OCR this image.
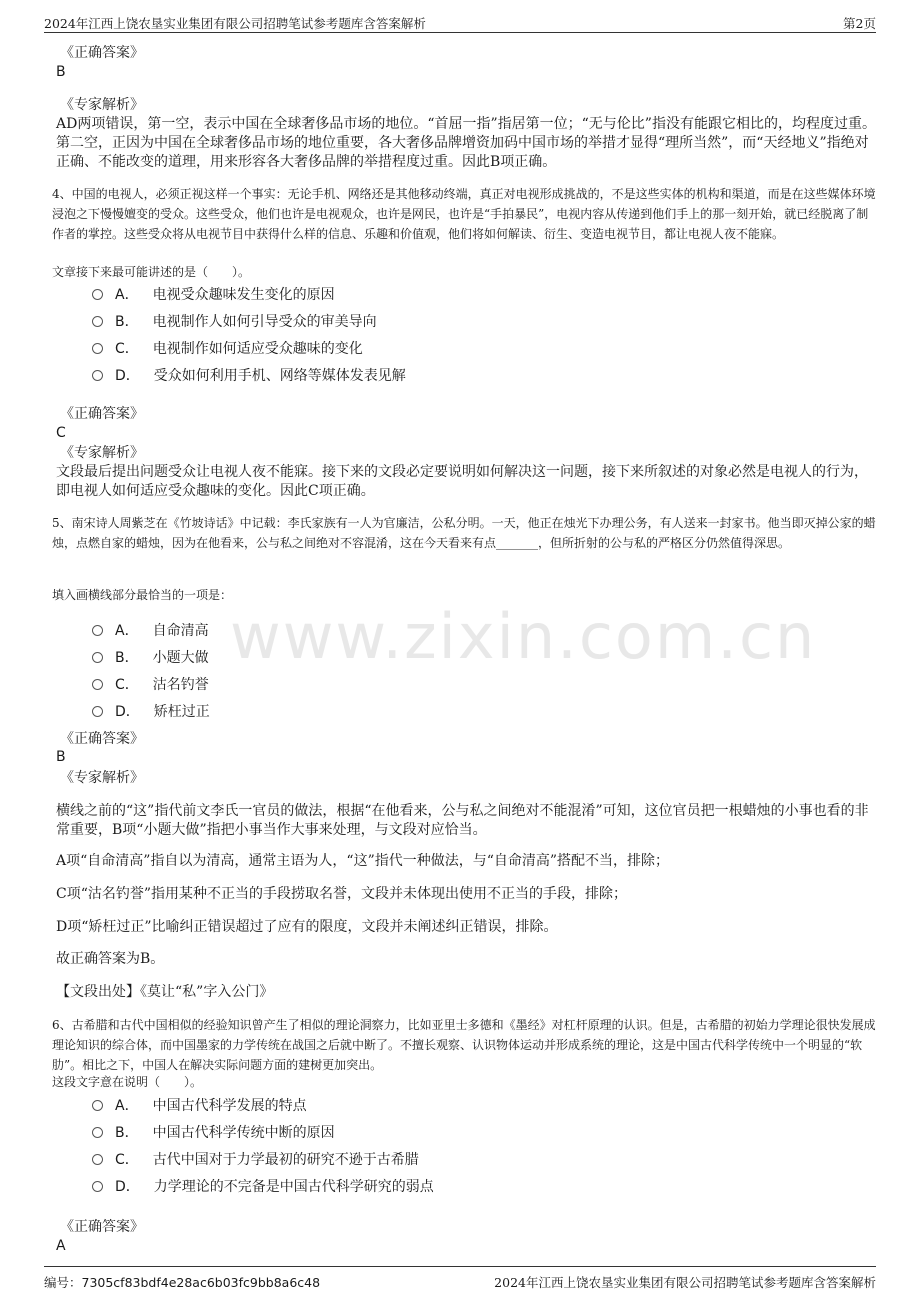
www.zixin.com.cn
2024年江西上饶农垦实业集团有限公司招聘笔试参考题库含答案解析	第2页
《正确答案》
B
《专家解析》
AD两项错误，第一空，表示中国在全球奢侈品市场的地位。“首屈一指”指居第一位；“无与伦比”指没有能跟它相比的，均程度过重。第二空，正因为中国在全球奢侈品市场的地位重要，各大奢侈品牌增资加码中国市场的举措才显得“理所当然”，而“天经地义”指绝对正确、不能改变的道理，用来形容各大奢侈品牌的举措程度过重。因此B项正确。
4、中国的电视人，必须正视这样一个事实：无论手机、网络还是其他移动终端，真正对电视形成挑战的，不是这些实体的机构和渠道，而是在这些媒体环境浸泡之下慢慢嬗变的受众。这些受众，他们也许是电视观众，也许是网民，也许是“手拍暴民”，电视内容从传递到他们手上的那一刻开始，就已经脱离了制作者的掌控。这些受众将从电视节目中获得什么样的信息、乐趣和价值观，他们将如何解读、衍生、变造电视节目，都让电视人夜不能寐。
文章接下来最可能讲述的是（　　）。
A． 电视受众趣味发生变化的原因
B． 电视制作人如何引导受众的审美导向
C． 电视制作如何适应受众趣味的变化
D． 受众如何利用手机、网络等媒体发表见解
《正确答案》
C
《专家解析》
文段最后提出问题受众让电视人夜不能寐。接下来的文段必定要说明如何解决这一问题，接下来所叙述的对象必然是电视人的行为，即电视人如何适应受众趣味的变化。因此C项正确。
5、南宋诗人周紫芝在《竹坡诗话》中记载：李氏家族有一人为官廉洁，公私分明。一天，他正在烛光下办理公务，有人送来一封家书。他当即灭掉公家的蜡烛，点燃自家的蜡烛，因为在他看来，公与私之间绝对不容混淆，这在今天看来有点_______，但所折射的公与私的严格区分仍然值得深思。
填入画横线部分最恰当的一项是：
A． 自命清高
B． 小题大做
C． 沽名钓誉
D． 矫枉过正
《正确答案》
B
《专家解析》
横线之前的“这”指代前文李氏一官员的做法，根据“在他看来，公与私之间绝对不能混淆”可知，这位官员把一根蜡烛的小事也看的非常重要，B项“小题大做”指把小事当作大事来处理，与文段对应恰当。
A项“自命清高”指自以为清高，通常主语为人，“这”指代一种做法，与“自命清高”搭配不当，排除；
C项“沽名钓誉”指用某种不正当的手段捞取名誉，文段并未体现出使用不正当的手段，排除；
D项“矫枉过正”比喻纠正错误超过了应有的限度，文段并未阐述纠正错误，排除。
故正确答案为B。
【文段出处】《莫让“私”字入公门》
6、古希腊和古代中国相似的经验知识曾产生了相似的理论洞察力，比如亚里士多德和《墨经》对杠杆原理的认识。但是，古希腊的初始力学理论很快发展成理论知识的综合体，而中国墨家的力学传统在战国之后就中断了。不擅长观察、认识物体运动并形成系统的理论，这是中国古代科学传统中一个明显的“软肋”。相比之下，中国人在解决实际问题方面的建树更加突出。
这段文字意在说明（　　）。
A． 中国古代科学发展的特点
B． 中国古代科学传统中断的原因
C． 古代中国对于力学最初的研究不逊于古希腊
D． 力学理论的不完备是中国古代科学研究的弱点
《正确答案》
A
编号：7305cf83bdf4e28ac6b03fc9bb8a6c48	2024年江西上饶农垦实业集团有限公司招聘笔试参考题库含答案解析
